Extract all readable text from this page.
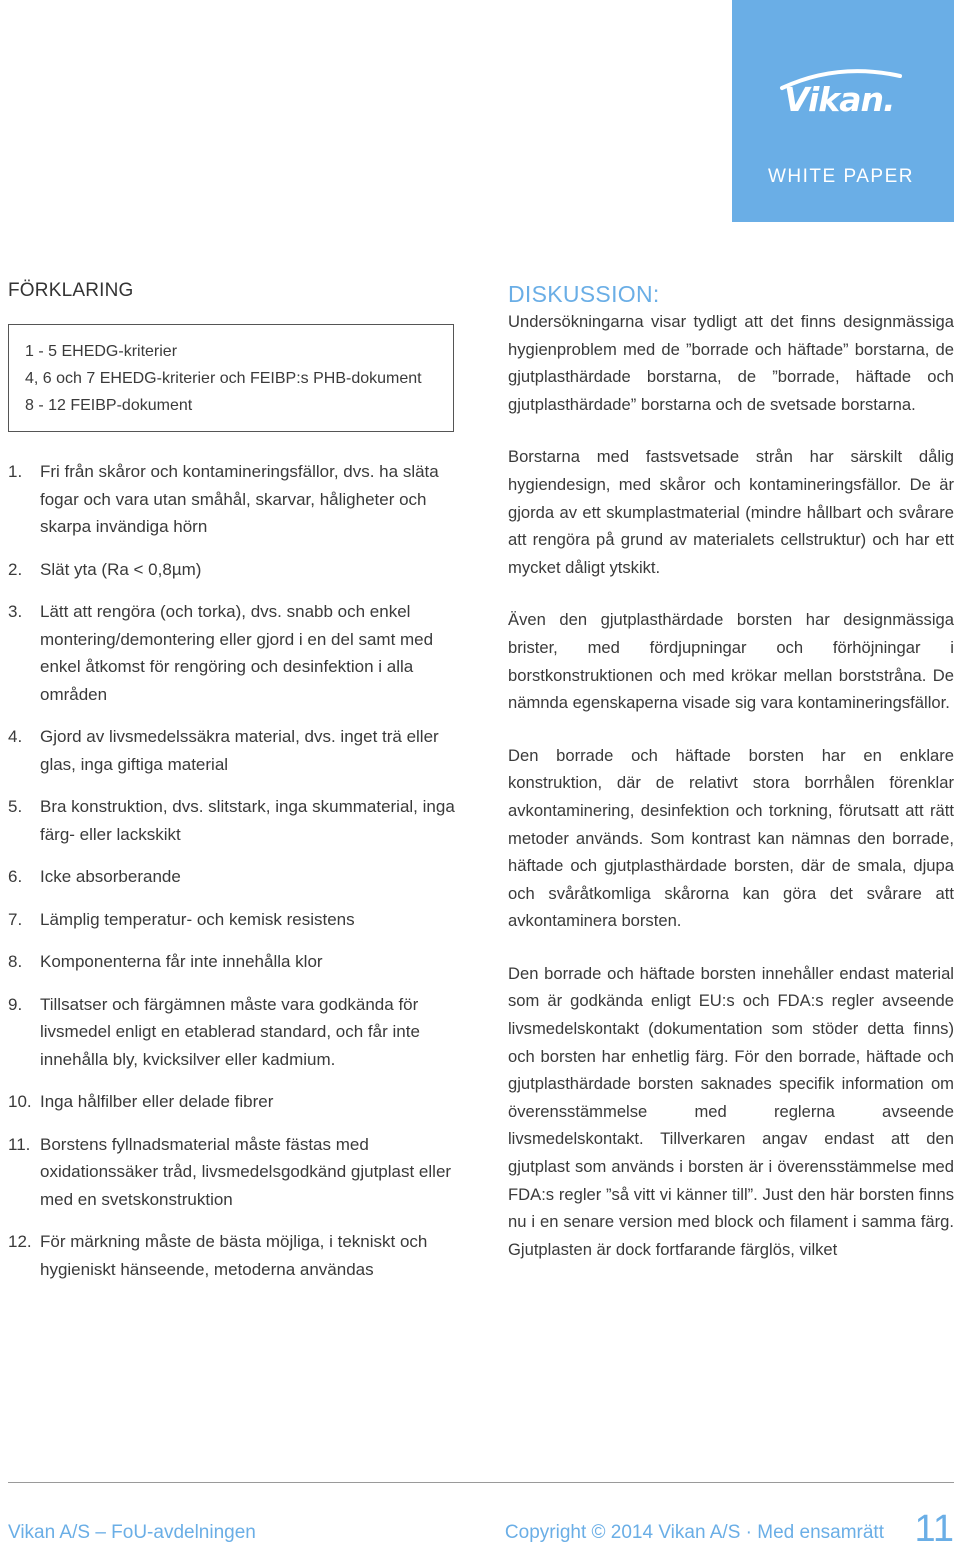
Vikan.
WHITE PAPER
FÖRKLARING
1 - 5 EHEDG-kriterier
4, 6 och 7 EHEDG-kriterier och FEIBP:s PHB-dokument
8 - 12 FEIBP-dokument
1.	Fri från skåror och kontamineringsfällor, dvs. ha släta fogar och vara utan småhål, skarvar, håligheter och skarpa invändiga hörn
2.	Slät yta (Ra < 0,8µm)
3.	Lätt att rengöra (och torka), dvs. snabb och enkel montering/demontering eller gjord i en del samt med enkel åtkomst för rengöring och desinfektion i alla områden
4.	Gjord av livsmedelssäkra material, dvs. inget trä eller glas, inga giftiga material
5.	Bra konstruktion, dvs. slitstark, inga skummaterial, inga färg- eller lackskikt
6.	Icke absorberande
7.	Lämplig temperatur- och kemisk resistens
8.	Komponenterna får inte innehålla klor
9.	Tillsatser och färgämnen måste vara godkända för livsmedel enligt en etablerad standard, och får inte innehålla bly, kvicksilver eller kadmium.
10. Inga hålfilber eller delade fibrer
11. Borstens fyllnadsmaterial måste fästas med oxidationssäker tråd, livsmedelsgodkänd gjutplast eller med en svetskonstruktion
12. För märkning måste de bästa möjliga, i tekniskt och hygieniskt hänseende, metoderna användas
DISKUSSION:

Undersökningarna visar tydligt att det finns designmässiga hygienproblem med de ”borrade och häftade” borstarna, de gjutplasthärdade borstarna, de ”borrade, häftade och gjutplasthärdade” borstarna och de svetsade borstarna.

Borstarna med fastsvetsade strån har särskilt dålig hygiendesign, med skåror och kontamineringsfällor. De är gjorda av ett skumplastmaterial (mindre hållbart och svårare att rengöra på grund av materialets cellstruktur) och har ett mycket dåligt ytskikt.

Även den gjutplasthärdade borsten har designmässiga brister, med fördjupningar och förhöjningar i borstkonstruktionen och med krökar mellan borststråna. De nämnda egenskaperna visade sig vara kontamineringsfällor.

Den borrade och häftade borsten har en enklare konstruktion, där de relativt stora borrhålen förenklar avkontaminering, desinfektion och torkning, förutsatt att rätt metoder används. Som kontrast kan nämnas den borrade, häftade och gjutplasthärdade borsten, där de smala, djupa och svåråtkomliga skårorna kan göra det svårare att avkontaminera borsten.

Den borrade och häftade borsten innehåller endast material som är godkända enligt EU:s och FDA:s regler avseende livsmedelskontakt (dokumentation som stöder detta finns) och borsten har enhetlig färg. För den borrade, häftade och gjutplasthärdade borsten saknades specifik information om överensstämmelse med reglerna avseende livsmedelskontakt. Tillverkaren angav endast att den gjutplast som används i borsten är i överensstämmelse med FDA:s regler ”så vitt vi känner till”. Just den här borsten finns nu i en senare version med block och filament i samma färg. Gjutplasten är dock fortfarande färglös, vilket

Vikan A/S – FoU-avdelningen	Copyright © 2014 Vikan A/S · Med ensamrätt 11
